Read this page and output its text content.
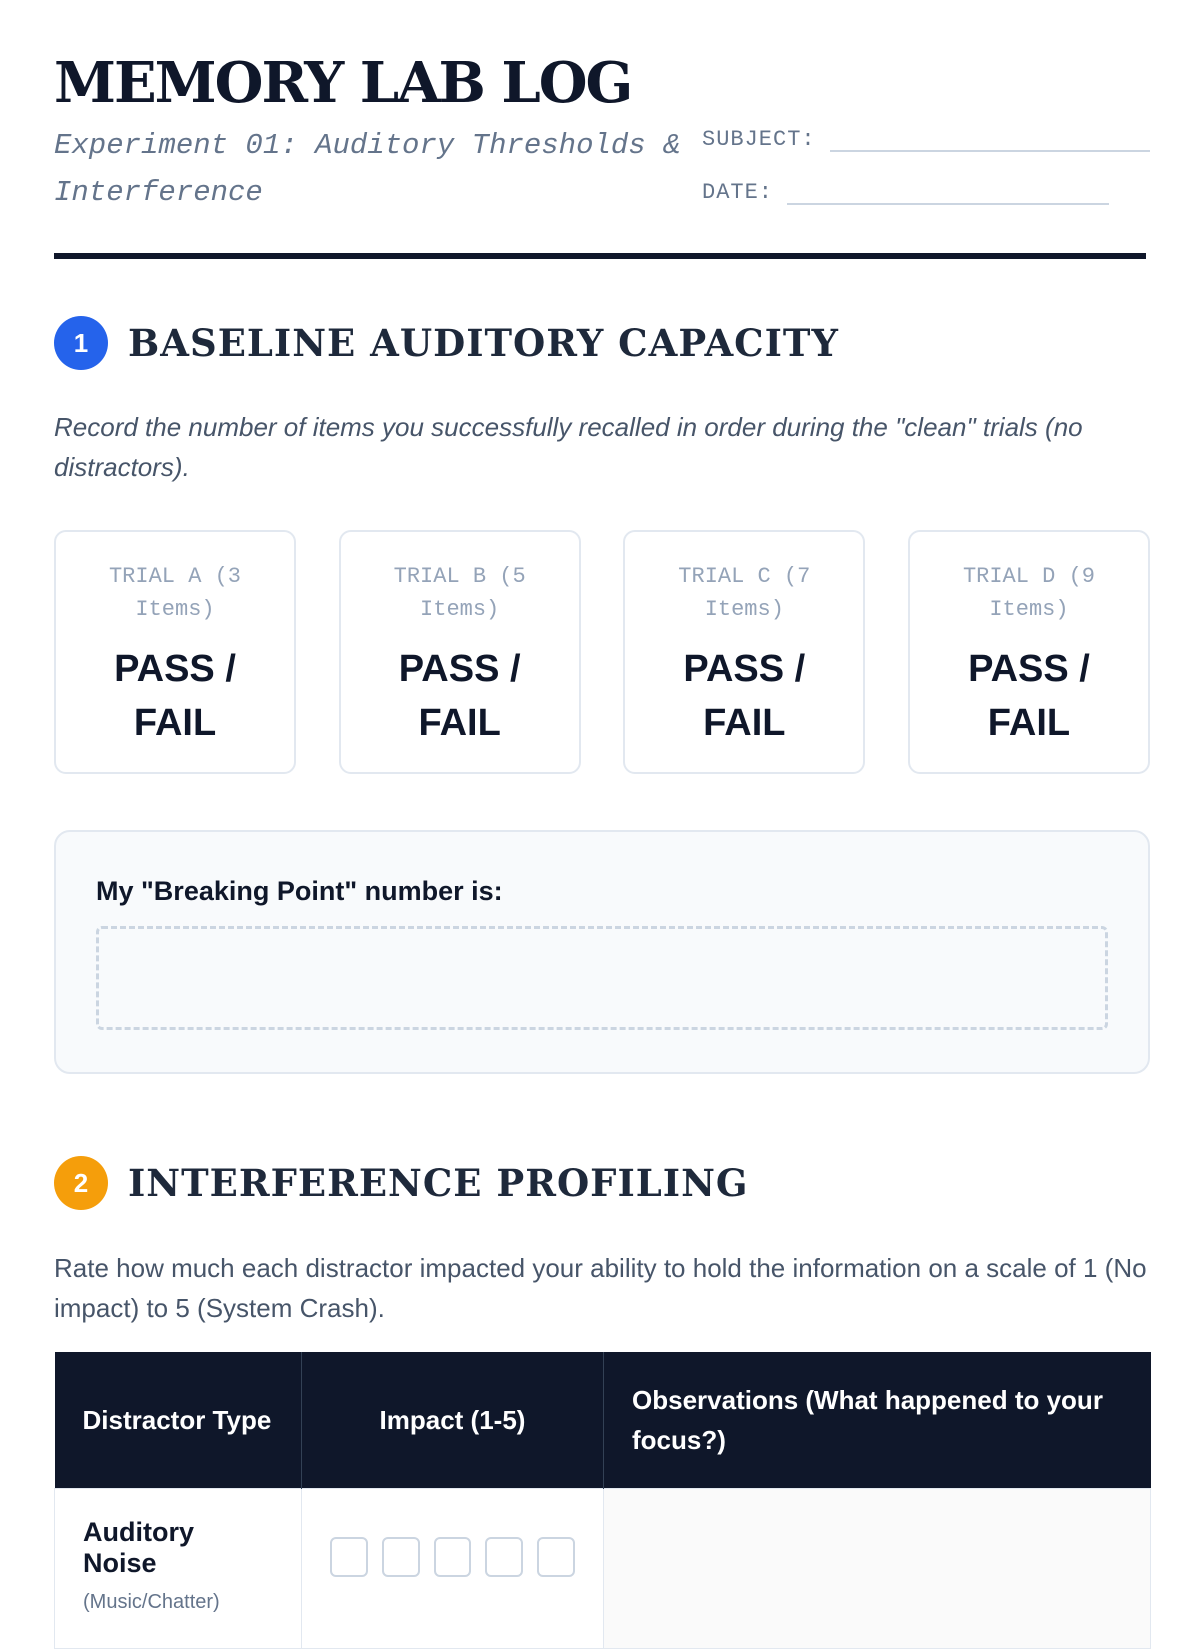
MEMORY LAB LOG
Experiment 01: Auditory Thresholds & Interference
SUBJECT:
DATE:
1	BASELINE AUDITORY CAPACITY
Record the number of items you successfully recalled in order during the "clean" trials (no distractors).
TRIAL A (3 Items)
PASS / FAIL
TRIAL B (5 Items)
PASS / FAIL
TRIAL C (7 Items)
PASS / FAIL
TRIAL D (9 Items)
PASS / FAIL
My "Breaking Point" number is:
2	INTERFERENCE PROFILING
Rate how much each distractor impacted your ability to hold the information on a scale of 1 (No impact) to 5 (System Crash).
Distractor Type	Impact (1-5)	Observations (What happened to your focus?)

Auditory Noise
(Music/Chatter)		
